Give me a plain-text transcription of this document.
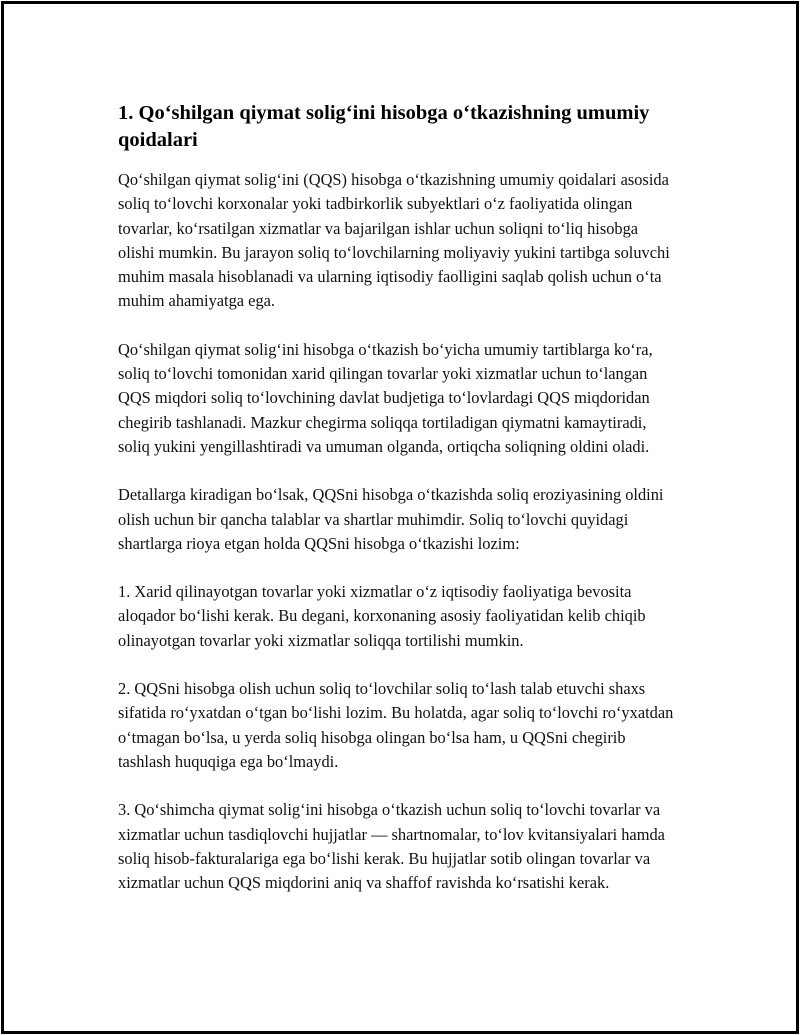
1. Qo‘shilgan qiymat solig‘ini hisobga o‘tkazishning umumiy qoidalari

Qo‘shilgan qiymat solig‘ini (QQS) hisobga o‘tkazishning umumiy qoidalari asosida soliq to‘lovchi korxonalar yoki tadbirkorlik subyektlari o‘z faoliyatida olingan tovarlar, ko‘rsatilgan xizmatlar va bajarilgan ishlar uchun soliqni to‘liq hisobga olishi mumkin. Bu jarayon soliq to‘lovchilarning moliyaviy yukini tartibga soluvchi muhim masala hisoblanadi va ularning iqtisodiy faolligini saqlab qolish uchun o‘ta muhim ahamiyatga ega.

Qo‘shilgan qiymat solig‘ini hisobga o‘tkazish bo‘yicha umumiy tartiblarga ko‘ra, soliq to‘lovchi tomonidan xarid qilingan tovarlar yoki xizmatlar uchun to‘langan QQS miqdori soliq to‘lovchining davlat budjetiga to‘lovlardagi QQS miqdoridan chegirib tashlanadi. Mazkur chegirma soliqqa tortiladigan qiymatni kamaytiradi, soliq yukini yengillashtiradi va umuman olganda, ortiqcha soliqning oldini oladi.

Detallarga kiradigan bo‘lsak, QQSni hisobga o‘tkazishda soliq eroziyasining oldini olish uchun bir qancha talablar va shartlar muhimdir. Soliq to‘lovchi quyidagi shartlarga rioya etgan holda QQSni hisobga o‘tkazishi lozim:

1. Xarid qilinayotgan tovarlar yoki xizmatlar o‘z iqtisodiy faoliyatiga bevosita aloqador bo‘lishi kerak. Bu degani, korxonaning asosiy faoliyatidan kelib chiqib olinayotgan tovarlar yoki xizmatlar soliqqa tortilishi mumkin.

2. QQSni hisobga olish uchun soliq to‘lovchilar soliq to‘lash talab etuvchi shaxs sifatida ro‘yxatdan o‘tgan bo‘lishi lozim. Bu holatda, agar soliq to‘lovchi ro‘yxatdan o‘tmagan bo‘lsa, u yerda soliq hisobga olingan bo‘lsa ham, u QQSni chegirib tashlash huquqiga ega bo‘lmaydi.

3. Qo‘shimcha qiymat solig‘ini hisobga o‘tkazish uchun soliq to‘lovchi tovarlar va xizmatlar uchun tasdiqlovchi hujjatlar — shartnomalar, to‘lov kvitansiyalari hamda soliq hisob-fakturalariga ega bo‘lishi kerak. Bu hujjatlar sotib olingan tovarlar va xizmatlar uchun QQS miqdorini aniq va shaffof ravishda ko‘rsatishi kerak.
